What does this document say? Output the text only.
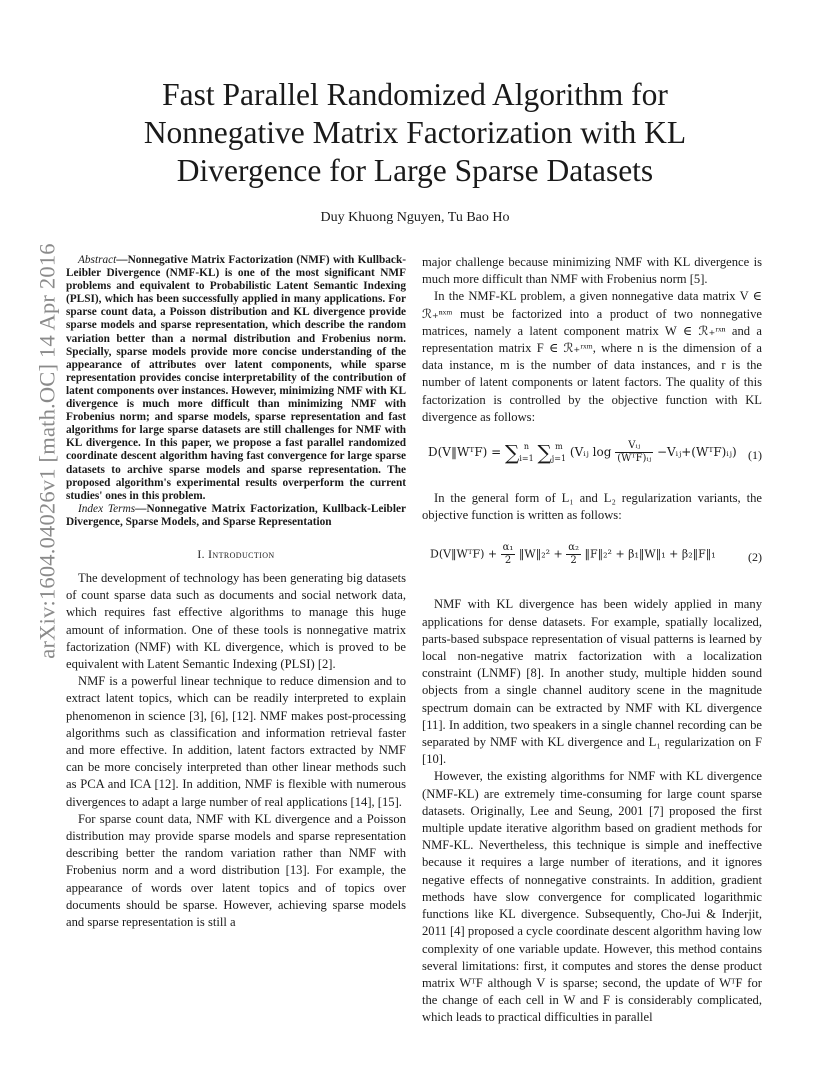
arXiv:1604.04026v1 [math.OC] 14 Apr 2016
Fast Parallel Randomized Algorithm for
Nonnegative Matrix Factorization with KL
Divergence for Large Sparse Datasets
Duy Khuong Nguyen, Tu Bao Ho

Abstract—Nonnegative Matrix Factorization (NMF) with Kullback-Leibler Divergence (NMF-KL) is one of the most significant NMF problems and equivalent to Probabilistic Latent Semantic Indexing (PLSI), which has been successfully applied in many applications. For sparse count data, a Poisson distribution and KL divergence provide sparse models and sparse representation, which describe the random variation better than a normal distribution and Frobenius norm. Specially, sparse models provide more concise understanding of the appearance of attributes over latent components, while sparse representation provides concise interpretability of the contribution of latent components over instances. However, minimizing NMF with KL divergence is much more difficult than minimizing NMF with Frobenius norm; and sparse models, sparse representation and fast algorithms for large sparse datasets are still challenges for NMF with KL divergence. In this paper, we propose a fast parallel randomized coordinate descent algorithm having fast convergence for large sparse datasets to archive sparse models and sparse representation. The proposed algorithm's experimental results overperform the current studies' ones in this problem.

Index Terms—Nonnegative Matrix Factorization, Kullback-Leibler Divergence, Sparse Models, and Sparse Representation

I. Introduction

The development of technology has been generating big datasets of count sparse data such as documents and social network data, which requires fast effective algorithms to manage this huge amount of information. One of these tools is nonnegative matrix factorization (NMF) with KL divergence, which is proved to be equivalent with Latent Semantic Indexing (PLSI) [2].

NMF is a powerful linear technique to reduce dimension and to extract latent topics, which can be readily interpreted to explain phenomenon in science [3], [6], [12]. NMF makes post-processing algorithms such as classification and information retrieval faster and more effective. In addition, latent factors extracted by NMF can be more concisely interpreted than other linear methods such as PCA and ICA [12]. In addition, NMF is flexible with numerous divergences to adapt a large number of real applications [14], [15].

For sparse count data, NMF with KL divergence and a Poisson distribution may provide sparse models and sparse representation describing better the random variation rather than NMF with Frobenius norm and a word distribution [13]. For example, the appearance of words over latent topics and of topics over documents should be sparse. However, achieving sparse models and sparse representation is still a

major challenge because minimizing NMF with KL divergence is much more difficult than NMF with Frobenius norm [5].

In the NMF-KL problem, a given nonnegative data matrix V ∈ ℛ₊ⁿˣᵐ must be factorized into a product of two nonnegative matrices, namely a latent component matrix W ∈ ℛ₊ʳˣⁿ and a representation matrix F ∈ ℛ₊ʳˣᵐ, where n is the dimension of a data instance, m is the number of data instances, and r is the number of latent components or latent factors. The quality of this factorization is controlled by the objective function with KL divergence as follows:

D(V‖WᵀF) = ∑ n
i=1 ∑ m
j=1 (Vᵢⱼ $\log \frac{\text{Vᵢⱼ}}{\text{(WᵀF)ᵢⱼ}}$ −Vᵢⱼ+(WᵀF)ᵢⱼ) (1)

In the general form of L₁ and L₂ regularization variants, the objective function is written as follows:

D(V‖WᵀF) + $\frac{\text{α₁}}{2}$ ‖W‖₂² + $\frac{\text{α₂}}{2}$ ‖F‖₂² + β₁‖W‖₁ + β₂‖F‖₁	(2)

NMF with KL divergence has been widely applied in many applications for dense datasets. For example, spatially localized, parts-based subspace representation of visual patterns is learned by local non-negative matrix factorization with a localization constraint (LNMF) [8]. In another study, multiple hidden sound objects from a single channel auditory scene in the magnitude spectrum domain can be extracted by NMF with KL divergence [11]. In addition, two speakers in a single channel recording can be separated by NMF with KL divergence and L₁ regularization on F [10].

However, the existing algorithms for NMF with KL divergence (NMF-KL) are extremely time-consuming for large count sparse datasets. Originally, Lee and Seung, 2001 [7] proposed the first multiple update iterative algorithm based on gradient methods for NMF-KL. Nevertheless, this technique is simple and ineffective because it requires a large number of iterations, and it ignores negative effects of nonnegative constraints. In addition, gradient methods have slow convergence for complicated logarithmic functions like KL divergence. Subsequently, Cho-Jui & Inderjit, 2011 [4] proposed a cycle coordinate descent algorithm having low complexity of one variable update. However, this method contains several limitations: first, it computes and stores the dense product matrix WᵀF although V is sparse; second, the update of WᵀF for the change of each cell in W and F is considerably complicated, which leads to practical difficulties in parallel
